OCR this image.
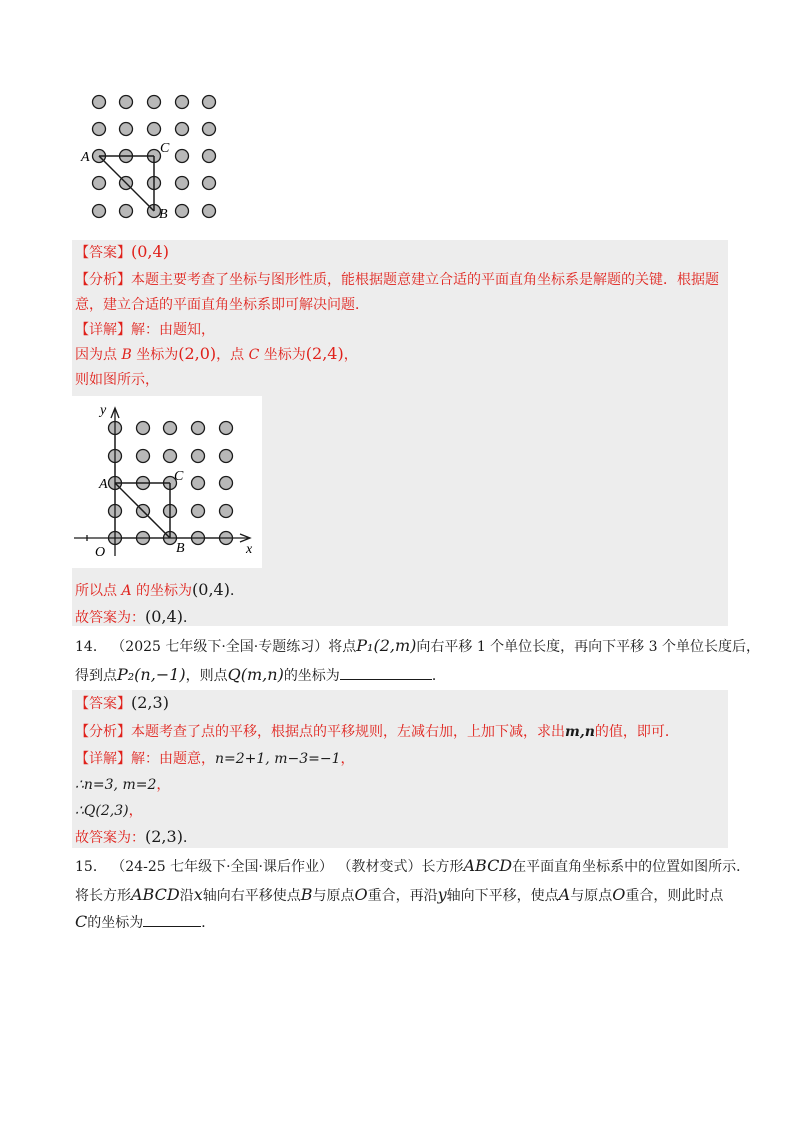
A
C
B
【答案】(0,4)
【分析】本题主要考查了坐标与图形性质，能根据题意建立合适的平面直角坐标系是解题的关键．根据题
意，建立合适的平面直角坐标系即可解决问题．
【详解】解：由题知，
因为点 B 坐标为(2,0)，点 C 坐标为(2,4)，
则如图所示，
y
x
O
A
C
B
所以点 A 的坐标为(0,4)．
故答案为：(0,4)．
14． （2025 七年级下·全国·专题练习）将点P₁(2,m)向右平移 1 个单位长度，再向下平移 3 个单位长度后，
得到点P₂(n,−1)，则点Q(m,n)的坐标为	．
【答案】(2,3)
【分析】本题考查了点的平移，根据点的平移规则，左减右加，上加下减，求出m,n的值，即可．
【详解】解：由题意，n=2+1, m−3=−1，
∴n=3, m=2，
∴Q(2,3)，
故答案为：(2,3)．
15． （24-25 七年级下·全国·课后作业） （教材变式）长方形ABCD在平面直角坐标系中的位置如图所示．
将长方形ABCD沿x轴向右平移使点B与原点O重合，再沿y轴向下平移，使点A与原点O重合，则此时点
C的坐标为	．
